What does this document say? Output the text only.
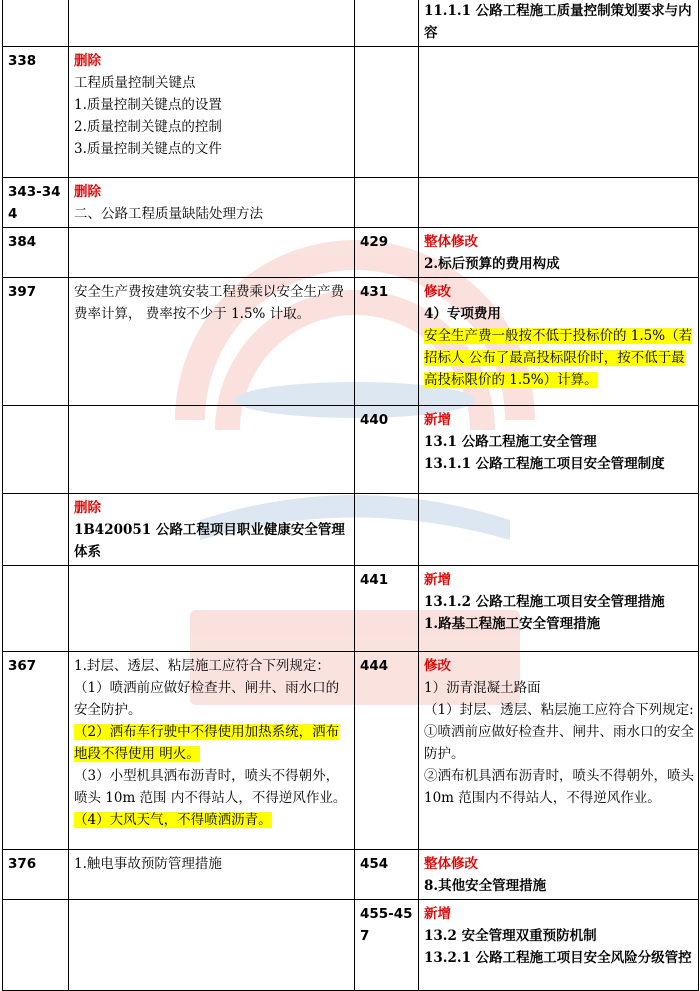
			11.1.1 公路工程施工质量控制策划要求与内容

338	删除
工程质量控制关键点
1.质量控制关键点的设置
2.质量控制关键点的控制
3.质量控制关键点的文件		

343-344	删除
二、公路工程质量缺陆处理方法		

384		429	整体修改
2.标后预算的费用构成

397	安全生产费按建筑安装工程费乘以安全生产费费率计算， 费率按不少于 1.5% 计取。	431	修改
4）专项费用
安全生产费一般按不低于投标价的 1.5%（若招标人 公布了最高投标限价时，按不低于最高投标限价的 1.5%）计算。

		440	新增
13.1 公路工程施工安全管理
13.1.1 公路工程施工项目安全管理制度

	删除
1B420051 公路工程项目职业健康安全管理体系		

		441	新增
13.1.2 公路工程施工项目安全管理措施
1.路基工程施工安全管理措施

367	1.封层、透层、粘层施工应符合下列规定：
（1）喷洒前应做好检查井、闸井、雨水口的安全防护。
（2）洒布车行驶中不得使用加热系统，洒布地段不得使用 明火。
（3）小型机具洒布沥青时，喷头不得朝外，喷头 10m 范围 内不得站人，不得逆风作业。
（4）大风天气，不得喷洒沥青。	444	修改
1）沥青混凝土路面
（1）封层、透层、粘层施工应符合下列规定:
①喷洒前应做好检查井、闸井、雨水口的安全防护。
②洒布机具洒布沥青时，喷头不得朝外，喷头 10m 范围内不得站人，不得逆风作业。

376	1.触电事故预防管理措施	454	整体修改
8.其他安全管理措施

		455-457	新增
13.2 安全管理双重预防机制
13.2.1 公路工程施工项目安全风险分级管控
